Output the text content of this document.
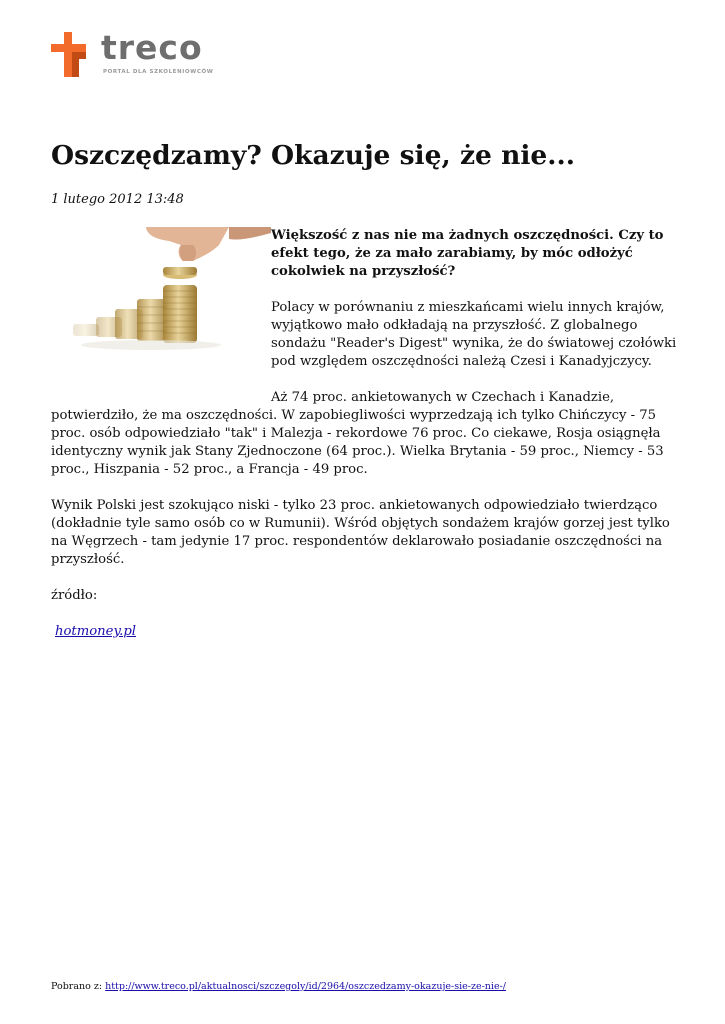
treco
PORTAL DLA SZKOLENIOWCÓW
Oszczędzamy? Okazuje się, że nie...

1 lutego 2012 13:48

Większość z nas nie ma żadnych oszczędności. Czy to efekt tego, że za mało zarabiamy, by móc odłożyć cokolwiek na przyszłość?

Polacy w porównaniu z mieszkańcami wielu innych krajów, wyjątkowo mało odkładają na przyszłość. Z globalnego sondażu "Reader's Digest" wynika, że do światowej czołówki pod względem oszczędności należą Czesi i Kanadyjczycy.

Aż 74 proc. ankietowanych w Czechach i Kanadzie, potwierdziło, że ma oszczędności. W zapobiegliwości wyprzedzają ich tylko Chińczycy - 75 proc. osób odpowiedziało "tak" i Malezja - rekordowe 76 proc. Co ciekawe, Rosja osiągnęła identyczny wynik jak Stany Zjednoczone (64 proc.). Wielka Brytania - 59 proc., Niemcy - 53 proc., Hiszpania - 52 proc., a Francja - 49 proc.

Wynik Polski jest szokująco niski - tylko 23 proc. ankietowanych odpowiedziało twierdząco (dokładnie tyle samo osób co w Rumunii). Wśród objętych sondażem krajów gorzej jest tylko na Węgrzech - tam jedynie 17 proc. respondentów deklarowało posiadanie oszczędności na przyszłość.

źródło:

hotmoney.pl

Pobrano z: http://www.treco.pl/aktualnosci/szczegoly/id/2964/oszczedzamy-okazuje-sie-ze-nie-/
